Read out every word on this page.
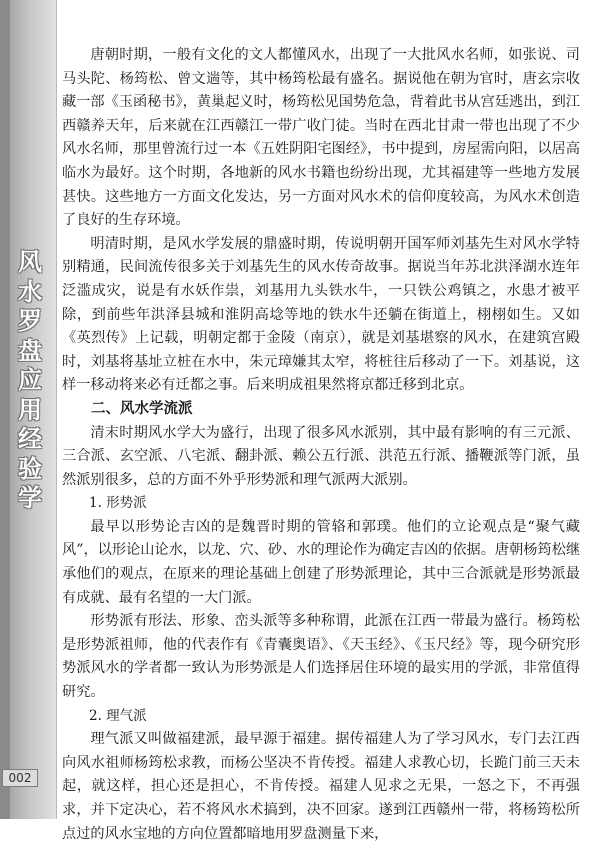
风
水
罗
盘
应
用
经
验
学
002

唐朝时期，一般有文化的文人都懂风水，出现了一大批风水名师，如张说、司马头陀、杨筠松、曾文遄等，其中杨筠松最有盛名。据说他在朝为官时，唐玄宗收藏一部《玉函秘书》，黄巢起义时，杨筠松见国势危急，背着此书从宫廷逃出，到江西赣养天年，后来就在江西赣江一带广收门徒。当时在西北甘肃一带也出现了不少风水名师，那里曾流行过一本《五姓阴阳宅图经》，书中提到，房屋需向阳，以居高临水为最好。这个时期，各地新的风水书籍也纷纷出现，尤其福建等一些地方发展甚快。这些地方一方面文化发达，另一方面对风水术的信仰度较高，为风水术创造了良好的生存环境。

明清时期，是风水学发展的鼎盛时期，传说明朝开国军师刘基先生对风水学特别精通，民间流传很多关于刘基先生的风水传奇故事。据说当年苏北洪泽湖水连年泛滥成灾，说是有水妖作祟，刘基用九头铁水牛，一只铁公鸡镇之，水患才被平除，到前些年洪泽县城和淮阴高埝等地的铁水牛还躺在街道上，栩栩如生。又如《英烈传》上记载，明朝定都于金陵（南京），就是刘基堪察的风水，在建筑宫殿时，刘基将基址立桩在水中，朱元璋嫌其太窄，将桩往后移动了一下。刘基说，这样一移动将来必有迁都之事。后来明成祖果然将京都迁移到北京。

二、风水学流派

清末时期风水学大为盛行，出现了很多风水派别，其中最有影响的有三元派、三合派、玄空派、八宅派、翻卦派、赖公五行派、洪范五行派、播鞭派等门派，虽然派别很多，总的方面不外乎形势派和理气派两大派别。

1. 形势派

最早以形势论吉凶的是魏晋时期的管辂和郭璞。他们的立论观点是“聚气藏风”，以形论山论水，以龙、穴、砂、水的理论作为确定吉凶的依据。唐朝杨筠松继承他们的观点，在原来的理论基础上创建了形势派理论，其中三合派就是形势派最有成就、最有名望的一大门派。

形势派有形法、形象、峦头派等多种称谓，此派在江西一带最为盛行。杨筠松是形势派祖师，他的代表作有《青囊奥语》、《天玉经》、《玉尺经》等，现今研究形势派风水的学者都一致认为形势派是人们选择居住环境的最实用的学派，非常值得研究。

2. 理气派

理气派又叫做福建派，最早源于福建。据传福建人为了学习风水，专门去江西向风水祖师杨筠松求教，而杨公坚决不肯传授。福建人求教心切，长跪门前三天未起，就这样，担心还是担心，不肯传授。福建人见求之无果，一怒之下，不再强求，并下定决心，若不将风水术搞到，决不回家。遂到江西赣州一带，将杨筠松所点过的风水宝地的方向位置都暗地用罗盘测量下来，
